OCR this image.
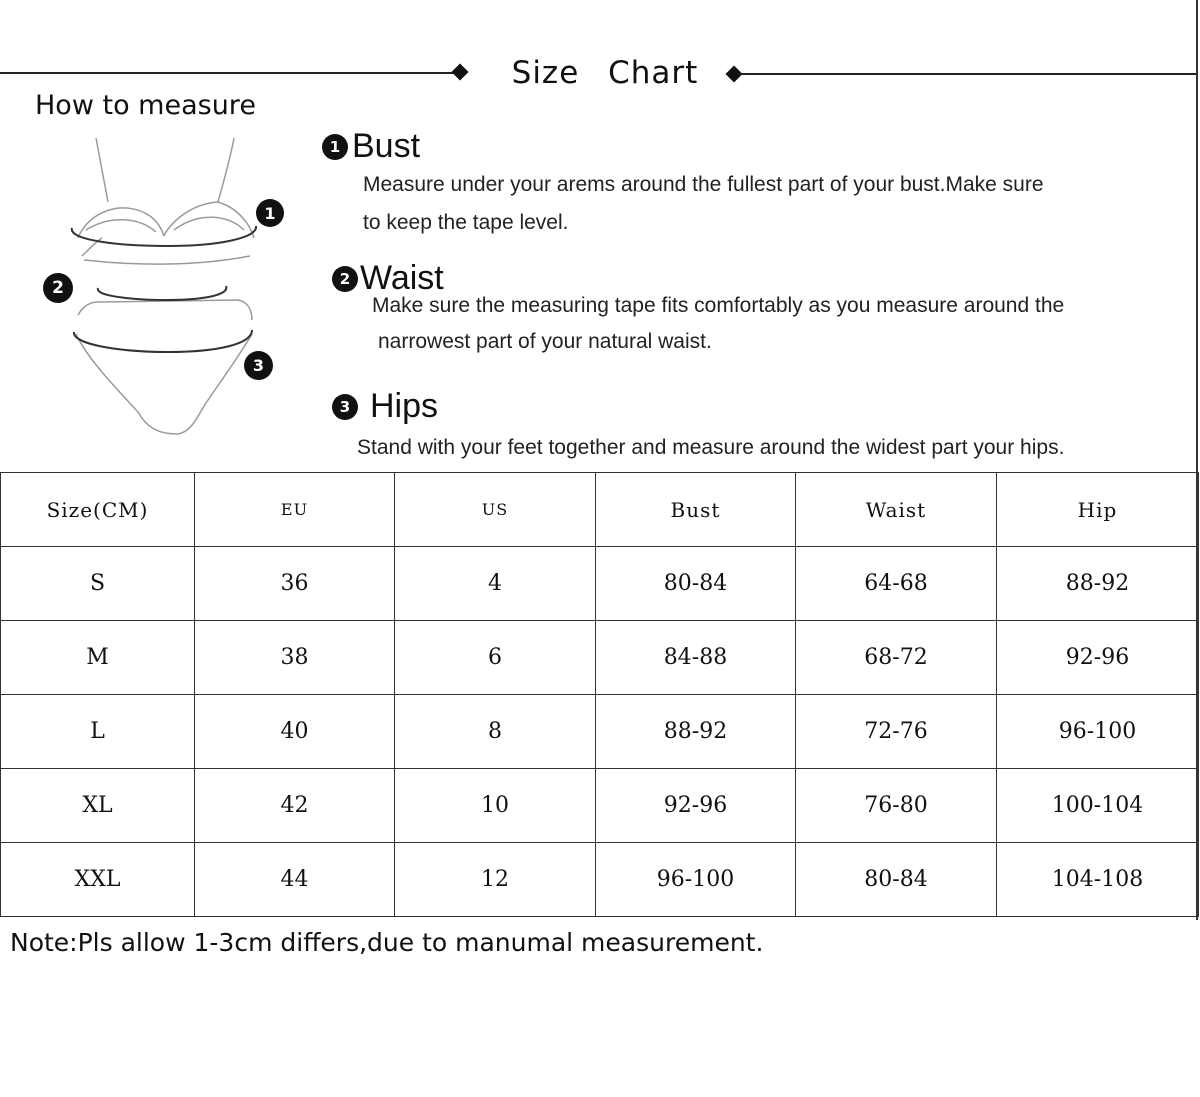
Size Chart
How to measure
1
2
3
1 Bust
Measure under your arems around the fullest part of your bust.Make sure
to keep the tape level.
2 Waist
Make sure the measuring tape fits comfortably as you measure around the
narrowest part of your natural waist.
3 Hips
Stand with your feet together and measure around the widest part your hips.
Size(CM)	EU	US	Bust	Waist	Hip
S	36	4	80-84	64-68	88-92
M	38	6	84-88	68-72	92-96
L	40	8	88-92	72-76	96-100
XL	42	10	92-96	76-80	100-104
XXL	44	12	96-100	80-84	104-108
Note:Pls allow 1-3cm differs,due to manumal measurement.
